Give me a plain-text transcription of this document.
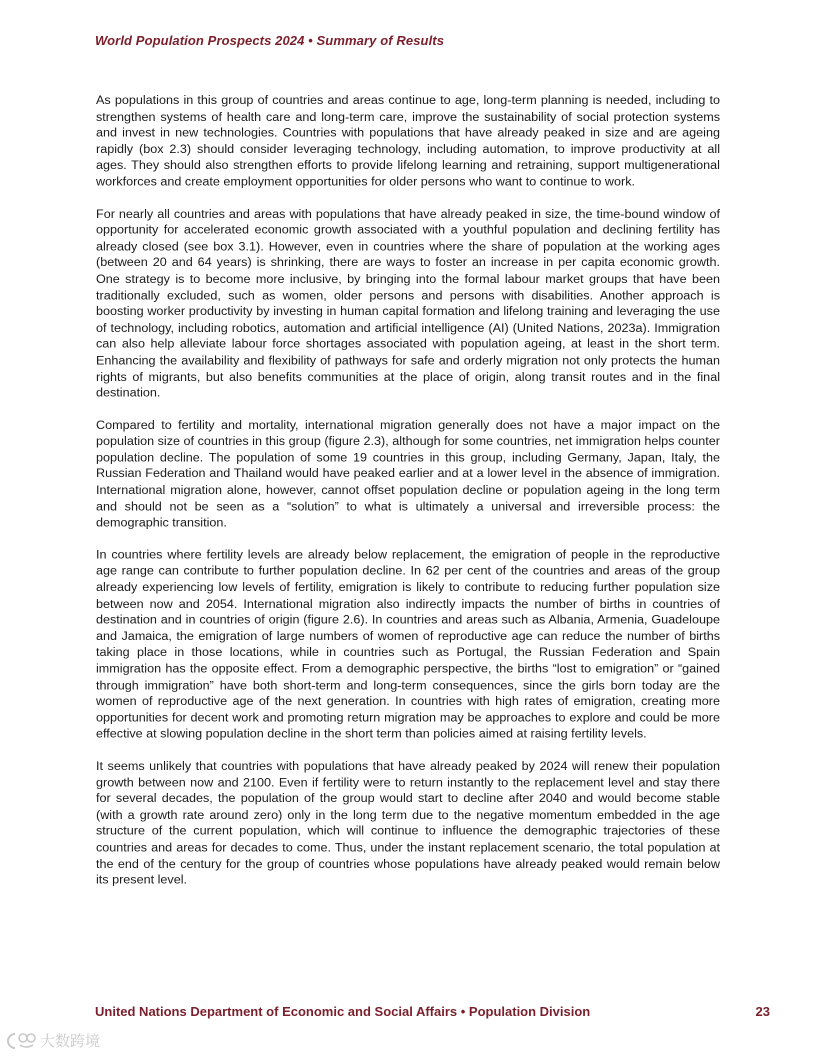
World Population Prospects 2024 • Summary of Results

As populations in this group of countries and areas continue to age, long-term planning is needed, including to strengthen systems of health care and long-term care, improve the sustainability of social protection systems and invest in new technologies. Countries with populations that have already peaked in size and are ageing rapidly (box 2.3) should consider leveraging technology, including automation, to improve productivity at all ages. They should also strengthen efforts to provide lifelong learning and retraining, support multigenerational workforces and create employment opportunities for older persons who want to continue to work.

For nearly all countries and areas with populations that have already peaked in size, the time-bound window of opportunity for accelerated economic growth associated with a youthful population and declining fertility has already closed (see box 3.1). However, even in countries where the share of population at the working ages (between 20 and 64 years) is shrinking, there are ways to foster an increase in per capita economic growth. One strategy is to become more inclusive, by bringing into the formal labour market groups that have been traditionally excluded, such as women, older persons and persons with disabilities. Another approach is boosting worker productivity by investing in human capital formation and lifelong training and leveraging the use of technology, including robotics, automation and artificial intelligence (AI) (United Nations, 2023a). Immigration can also help alleviate labour force shortages associated with population ageing, at least in the short term. Enhancing the availability and flexibility of pathways for safe and orderly migration not only protects the human rights of migrants, but also benefits communities at the place of origin, along transit routes and in the final destination.

Compared to fertility and mortality, international migration generally does not have a major impact on the population size of countries in this group (figure 2.3), although for some countries, net immigration helps counter population decline. The population of some 19 countries in this group, including Germany, Japan, Italy, the Russian Federation and Thailand would have peaked earlier and at a lower level in the absence of immigration. International migration alone, however, cannot offset population decline or population ageing in the long term and should not be seen as a “solution” to what is ultimately a universal and irreversible process: the demographic transition.

In countries where fertility levels are already below replacement, the emigration of people in the reproductive age range can contribute to further population decline. In 62 per cent of the countries and areas of the group already experiencing low levels of fertility, emigration is likely to contribute to reducing further population size between now and 2054. International migration also indirectly impacts the number of births in countries of destination and in countries of origin (figure 2.6). In countries and areas such as Albania, Armenia, Guadeloupe and Jamaica, the emigration of large numbers of women of reproductive age can reduce the number of births taking place in those locations, while in countries such as Portugal, the Russian Federation and Spain immigration has the opposite effect. From a demographic perspective, the births “lost to emigration” or “gained through immigration” have both short-term and long-term consequences, since the girls born today are the women of reproductive age of the next generation. In countries with high rates of emigration, creating more opportunities for decent work and promoting return migration may be approaches to explore and could be more effective at slowing population decline in the short term than policies aimed at raising fertility levels.

It seems unlikely that countries with populations that have already peaked by 2024 will renew their population growth between now and 2100. Even if fertility were to return instantly to the replacement level and stay there for several decades, the population of the group would start to decline after 2040 and would become stable (with a growth rate around zero) only in the long term due to the negative momentum embedded in the age structure of the current population, which will continue to influence the demographic trajectories of these countries and areas for decades to come. Thus, under the instant replacement scenario, the total population at the end of the century for the group of countries whose populations have already peaked would remain below its present level.

United Nations Department of Economic and Social Affairs • Population Division	23
大数跨境
